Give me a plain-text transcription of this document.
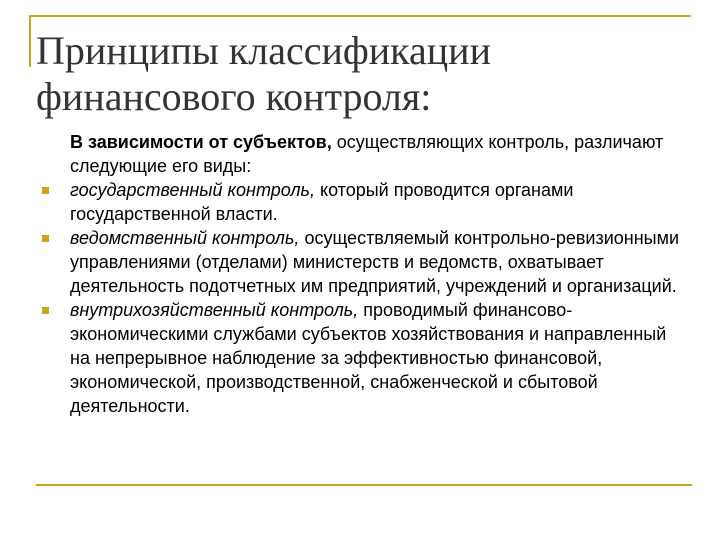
Принципы классификации
финансового контроля:
В зависимости от субъектов, осуществляющих контроль, различают следующие его виды:
государственный контроль, который проводится органами государственной власти.
ведомственный контроль, осуществляемый контрольно-ревизионными управлениями (отделами) министерств и ведомств, охватывает деятельность подотчетных им предприятий, учреждений и организаций.
внутрихозяйственный контроль, проводимый финансово-экономическими службами субъектов хозяйствования и направленный на непрерывное наблюдение за эффективностью финансовой, экономической, производственной, снабженческой и сбытовой деятельности.
